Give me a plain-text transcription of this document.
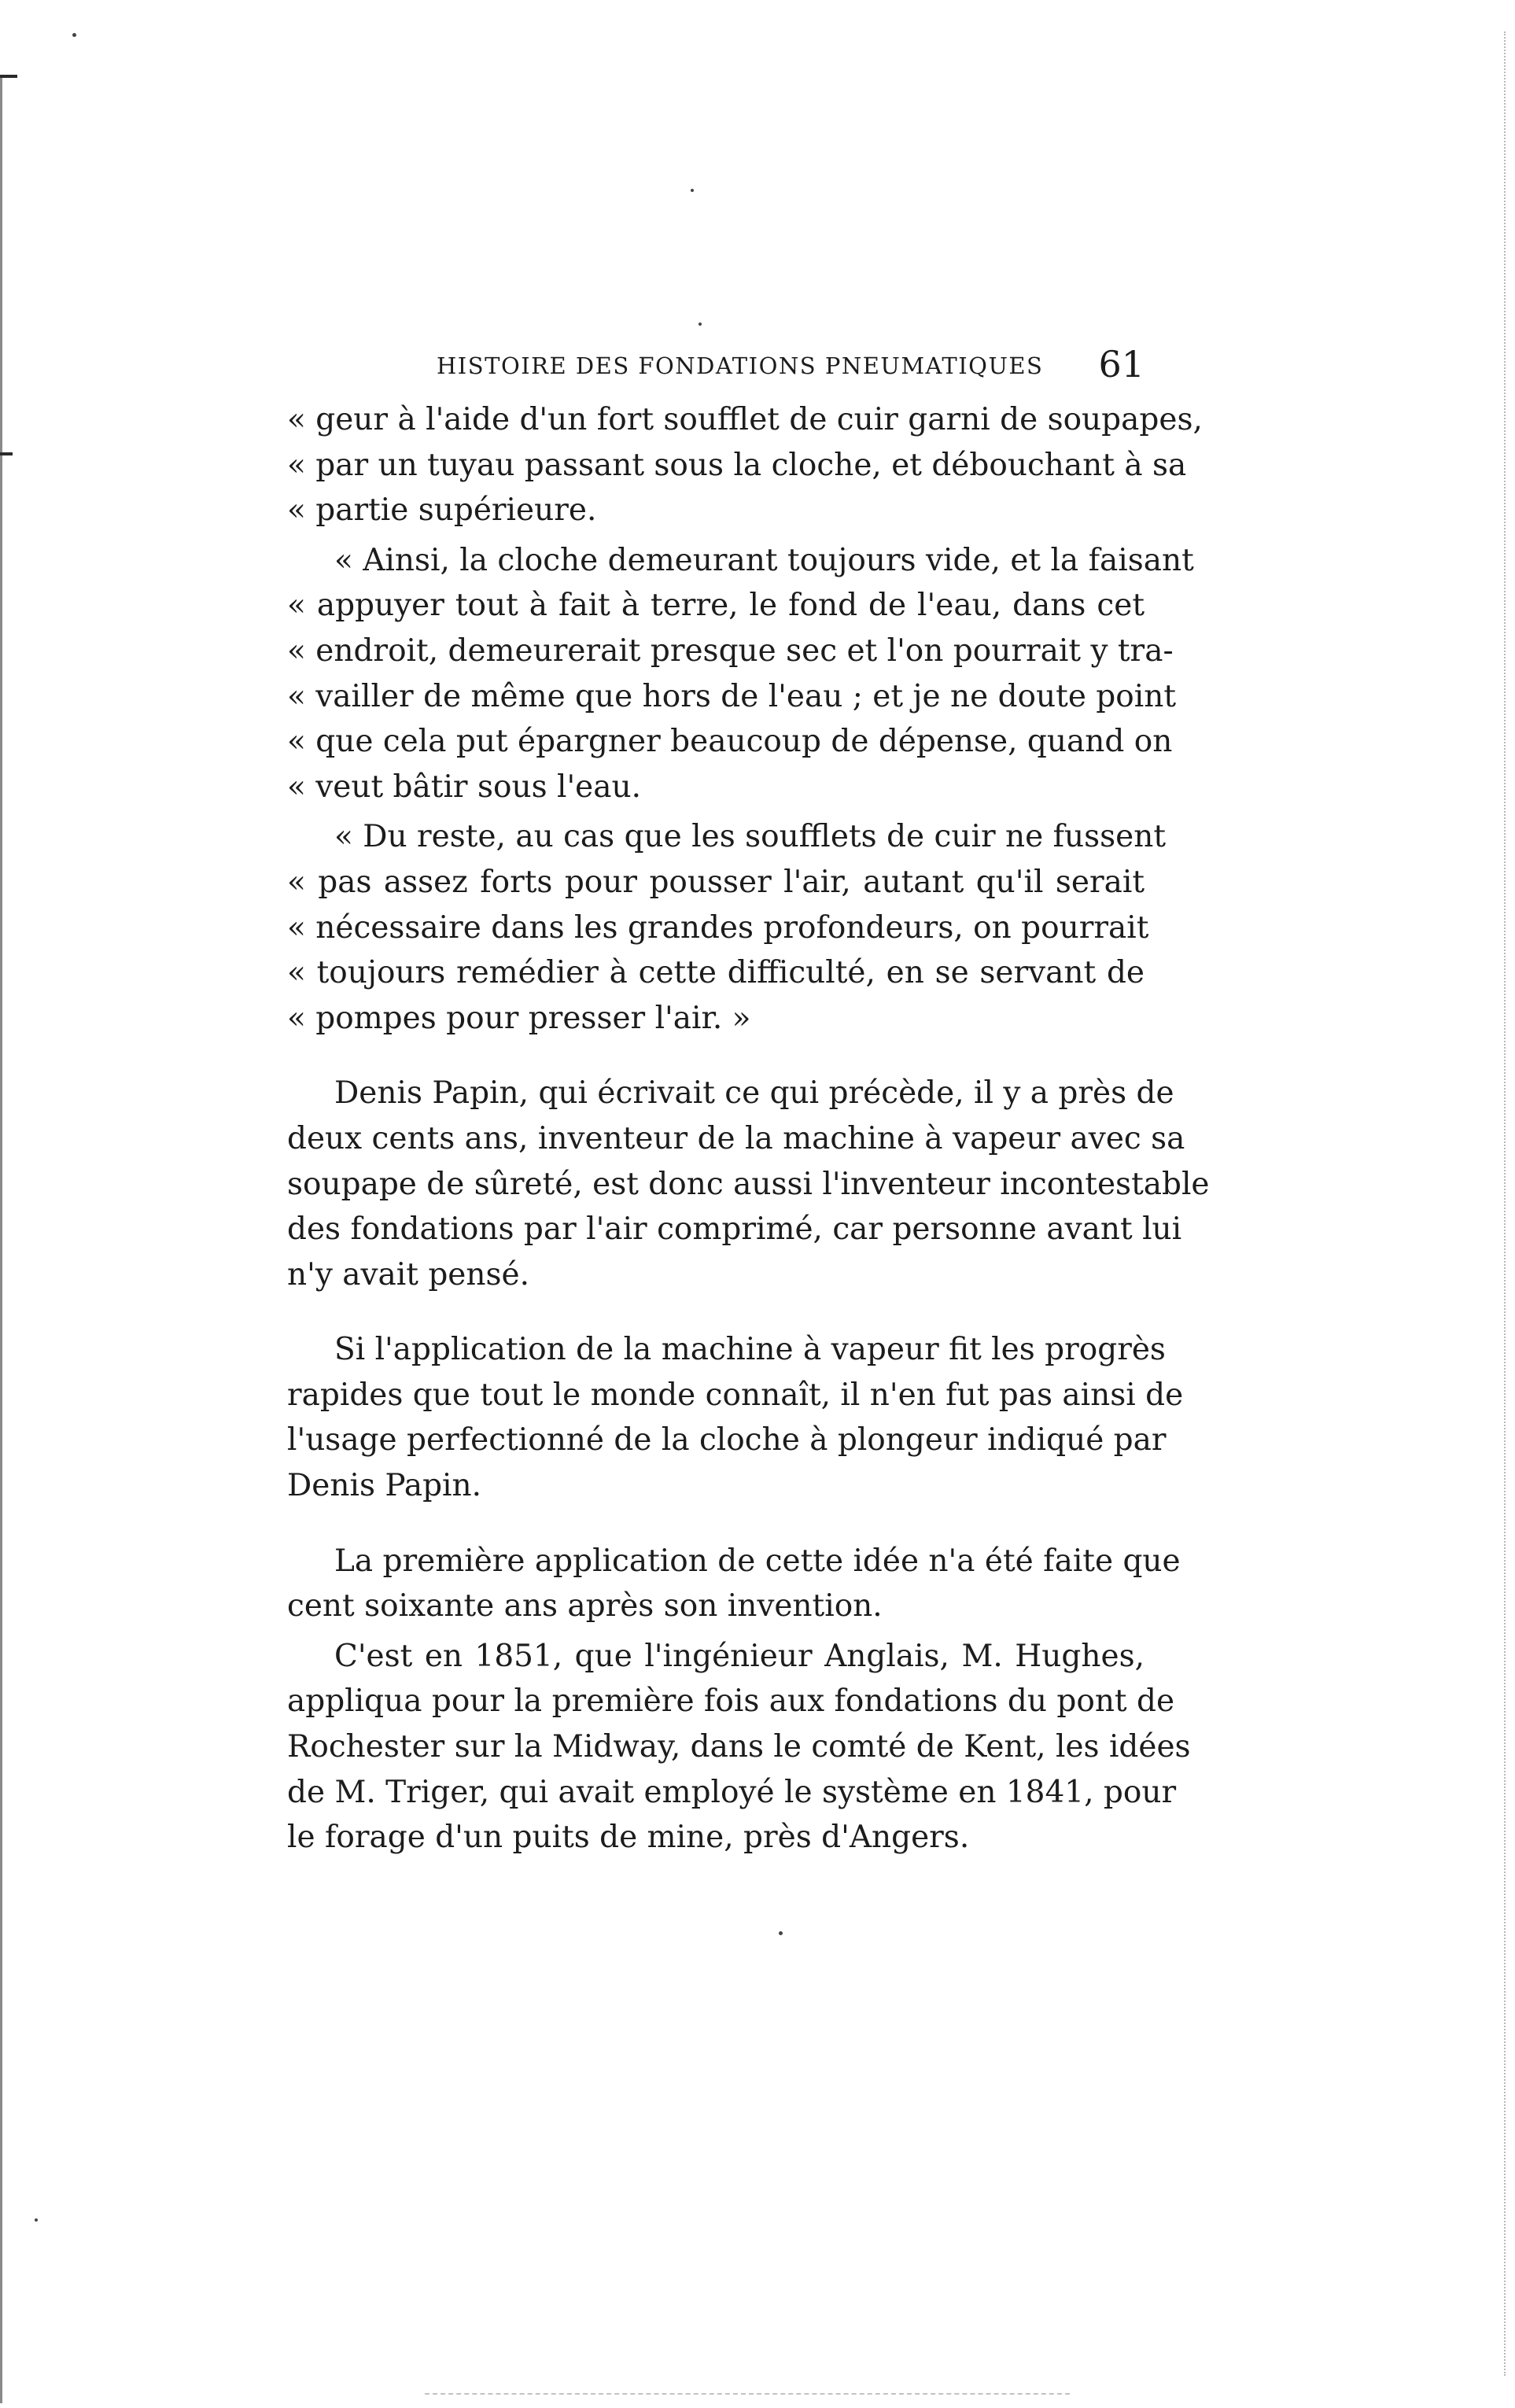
HISTOIRE DES FONDATIONS PNEUMATIQUES 61
« geur à l'aide d'un fort soufflet de cuir garni de soupapes,
« par un tuyau passant sous la cloche, et débouchant à sa
« partie supérieure.
« Ainsi, la cloche demeurant toujours vide, et la faisant
« appuyer tout à fait à terre, le fond de l'eau, dans cet
« endroit, demeurerait presque sec et l'on pourrait y tra-
« vailler de même que hors de l'eau ; et je ne doute point
« que cela put épargner beaucoup de dépense, quand on
« veut bâtir sous l'eau.
« Du reste, au cas que les soufflets de cuir ne fussent
« pas assez forts pour pousser l'air, autant qu'il serait
« nécessaire dans les grandes profondeurs, on pourrait
« toujours remédier à cette difficulté, en se servant de
« pompes pour presser l'air. »
Denis Papin, qui écrivait ce qui précède, il y a près de
deux cents ans, inventeur de la machine à vapeur avec sa
soupape de sûreté, est donc aussi l'inventeur incontestable
des fondations par l'air comprimé, car personne avant lui
n'y avait pensé.
Si l'application de la machine à vapeur fit les progrès
rapides que tout le monde connaît, il n'en fut pas ainsi de
l'usage perfectionné de la cloche à plongeur indiqué par
Denis Papin.
La première application de cette idée n'a été faite que
cent soixante ans après son invention.
C'est en 1851, que l'ingénieur Anglais, M. Hughes,
appliqua pour la première fois aux fondations du pont de
Rochester sur la Midway, dans le comté de Kent, les idées
de M. Triger, qui avait employé le système en 1841, pour
le forage d'un puits de mine, près d'Angers.
